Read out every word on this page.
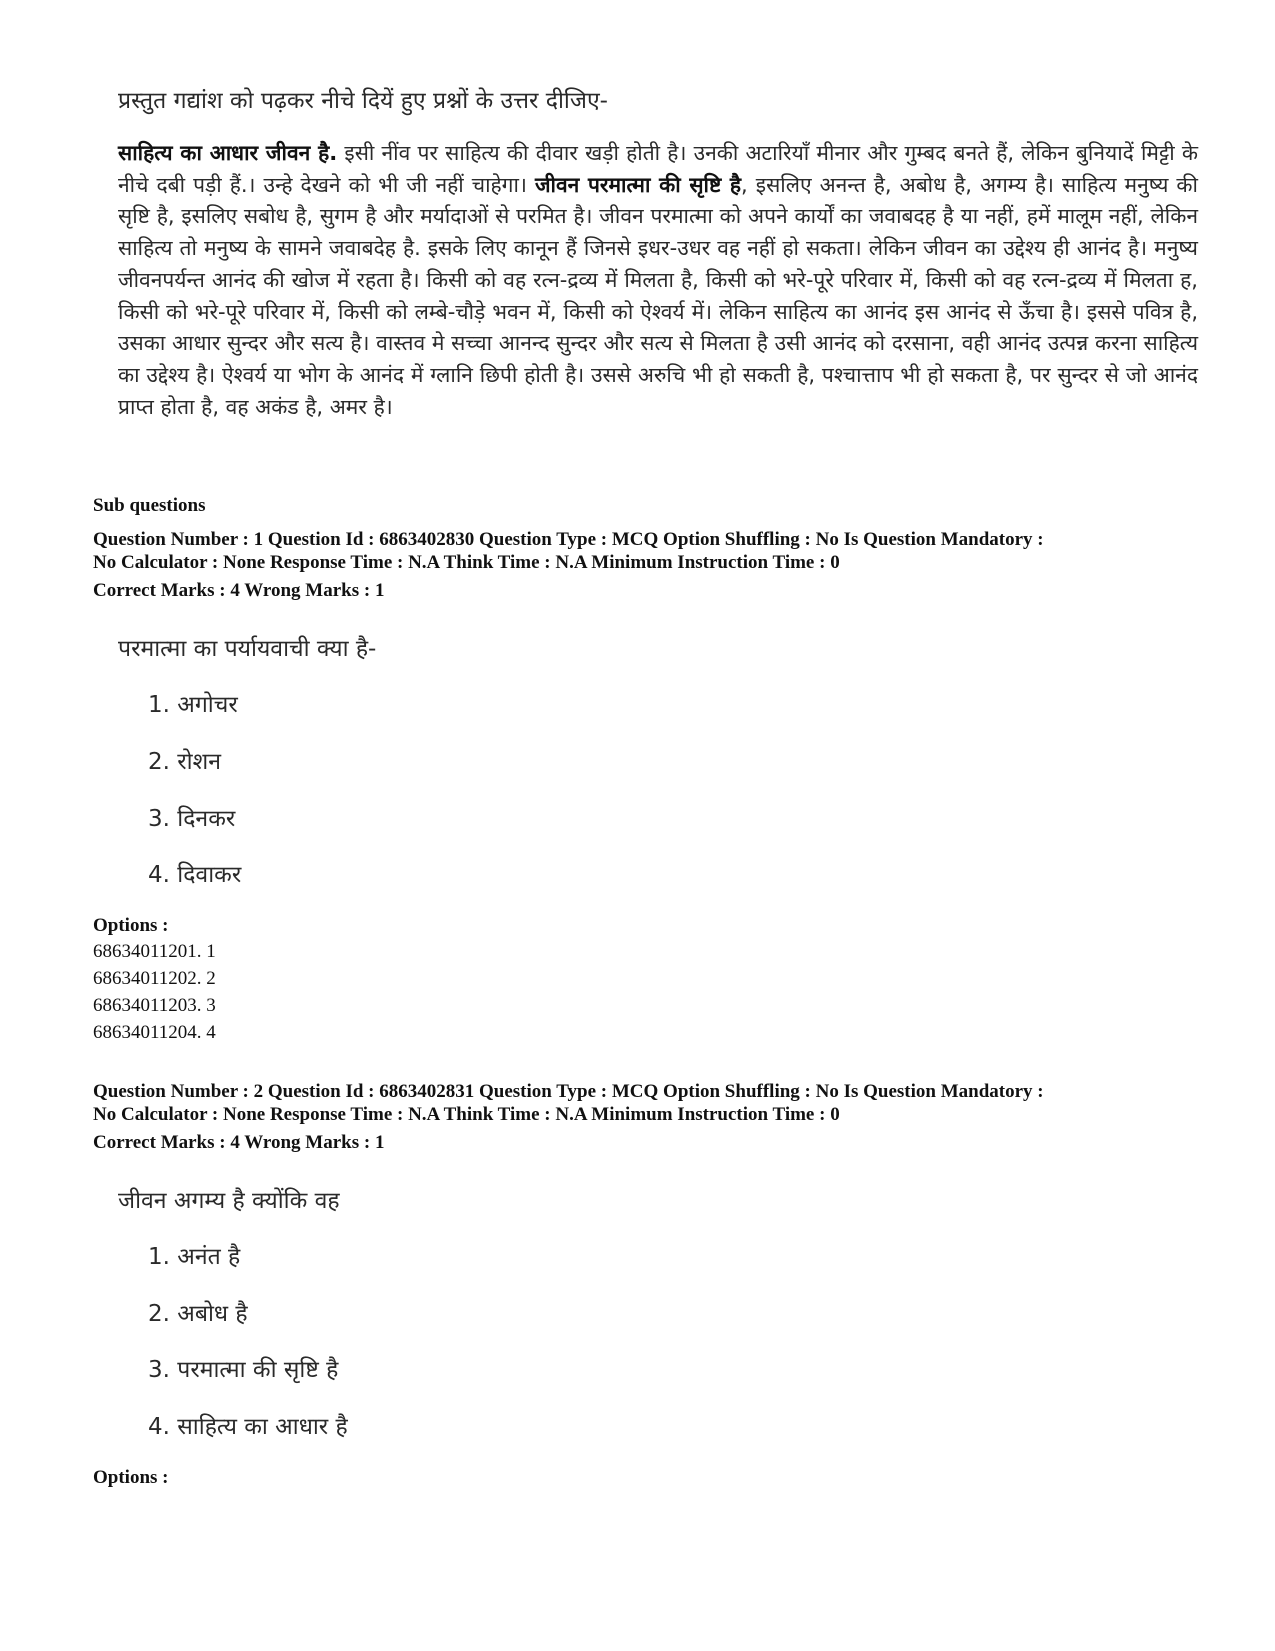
प्रस्तुत गद्यांश को पढ़कर नीचे दियें हुए प्रश्नों के उत्तर दीजिए-
साहित्य का आधार जीवन है. इसी नींव पर साहित्य की दीवार खड़ी होती है। उनकी अटारियाँ मीनार और गुम्बद बनते हैं, लेकिन बुनियादें मिट्टी के नीचे दबी पड़ी हैं.। उन्हे देखने को भी जी नहीं चाहेगा। जीवन परमात्मा की सृष्टि है, इसलिए अनन्त है, अबोध है, अगम्य है। साहित्य मनुष्य की सृष्टि है, इसलिए सबोध है, सुगम है और मर्यादाओं से परमित है। जीवन परमात्मा को अपने कार्यों का जवाबदह है या नहीं, हमें मालूम नहीं, लेकिन साहित्य तो मनुष्य के सामने जवाबदेह है. इसके लिए कानून हैं जिनसे इधर-उधर वह नहीं हो सकता। लेकिन जीवन का उद्देश्य ही आनंद है। मनुष्य जीवनपर्यन्त आनंद की खोज में रहता है। किसी को वह रत्न-द्रव्य में मिलता है, किसी को भरे-पूरे परिवार में, किसी को वह रत्न-द्रव्य में मिलता ह, किसी को भरे-पूरे परिवार में, किसी को लम्बे-चौड़े भवन में, किसी को ऐश्वर्य में। लेकिन साहित्य का आनंद इस आनंद से ऊँचा है। इससे पवित्र है, उसका आधार सुन्दर और सत्य है। वास्तव मे सच्चा आनन्द सुन्दर और सत्य से मिलता है उसी आनंद को दरसाना, वही आनंद उत्पन्न करना साहित्य का उद्देश्य है। ऐश्वर्य या भोग के आनंद में ग्लानि छिपी होती है। उससे अरुचि भी हो सकती है, पश्चात्ताप भी हो सकता है, पर सुन्दर से जो आनंद प्राप्त होता है, वह अकंड है, अमर है।
Sub questions
Question Number : 1 Question Id : 6863402830 Question Type : MCQ Option Shuffling : No Is Question Mandatory :
No Calculator : None Response Time : N.A Think Time : N.A Minimum Instruction Time : 0
Correct Marks : 4 Wrong Marks : 1
परमात्मा का पर्यायवाची क्या है-
1. अगोचर
2. रोशन
3. दिनकर
4. दिवाकर
Options :
68634011201. 1
68634011202. 2
68634011203. 3
68634011204. 4
Question Number : 2 Question Id : 6863402831 Question Type : MCQ Option Shuffling : No Is Question Mandatory :
No Calculator : None Response Time : N.A Think Time : N.A Minimum Instruction Time : 0
Correct Marks : 4 Wrong Marks : 1
जीवन अगम्य है क्योंकि वह
1. अनंत है
2. अबोध है
3. परमात्मा की सृष्टि है
4. साहित्य का आधार है
Options :
